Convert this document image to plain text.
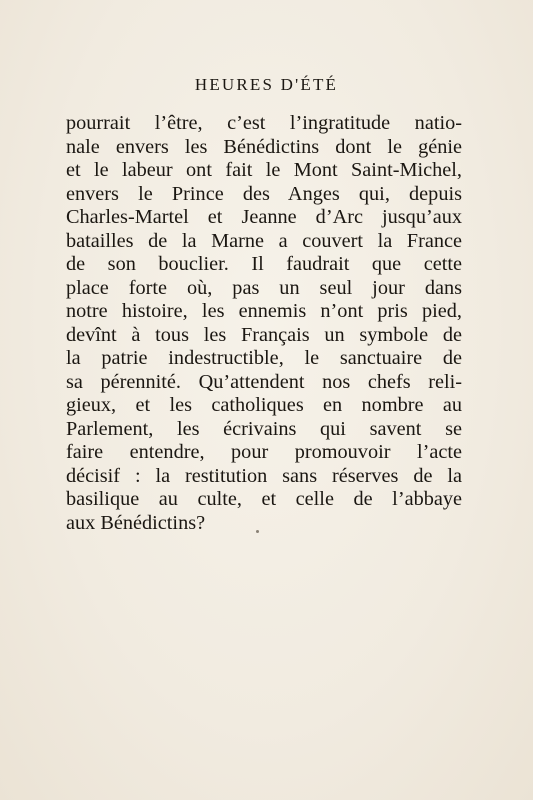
HEURES D'ÉTÉ
pourrait l’être, c’est l’ingratitude natio-
nale envers les Bénédictins dont le génie
et le labeur ont fait le Mont Saint-Michel,
envers le Prince des Anges qui, depuis
Charles-Martel et Jeanne d’Arc jusqu’aux
batailles de la Marne a couvert la France
de son bouclier. Il faudrait que cette
place forte où, pas un seul jour dans
notre histoire, les ennemis n’ont pris pied,
devînt à tous les Français un symbole de
la patrie indestructible, le sanctuaire de
sa pérennité. Qu’attendent nos chefs reli-
gieux, et les catholiques en nombre au
Parlement, les écrivains qui savent se
faire entendre, pour promouvoir l’acte
décisif : la restitution sans réserves de la
basilique au culte, et celle de l’abbaye
aux Bénédictins?
